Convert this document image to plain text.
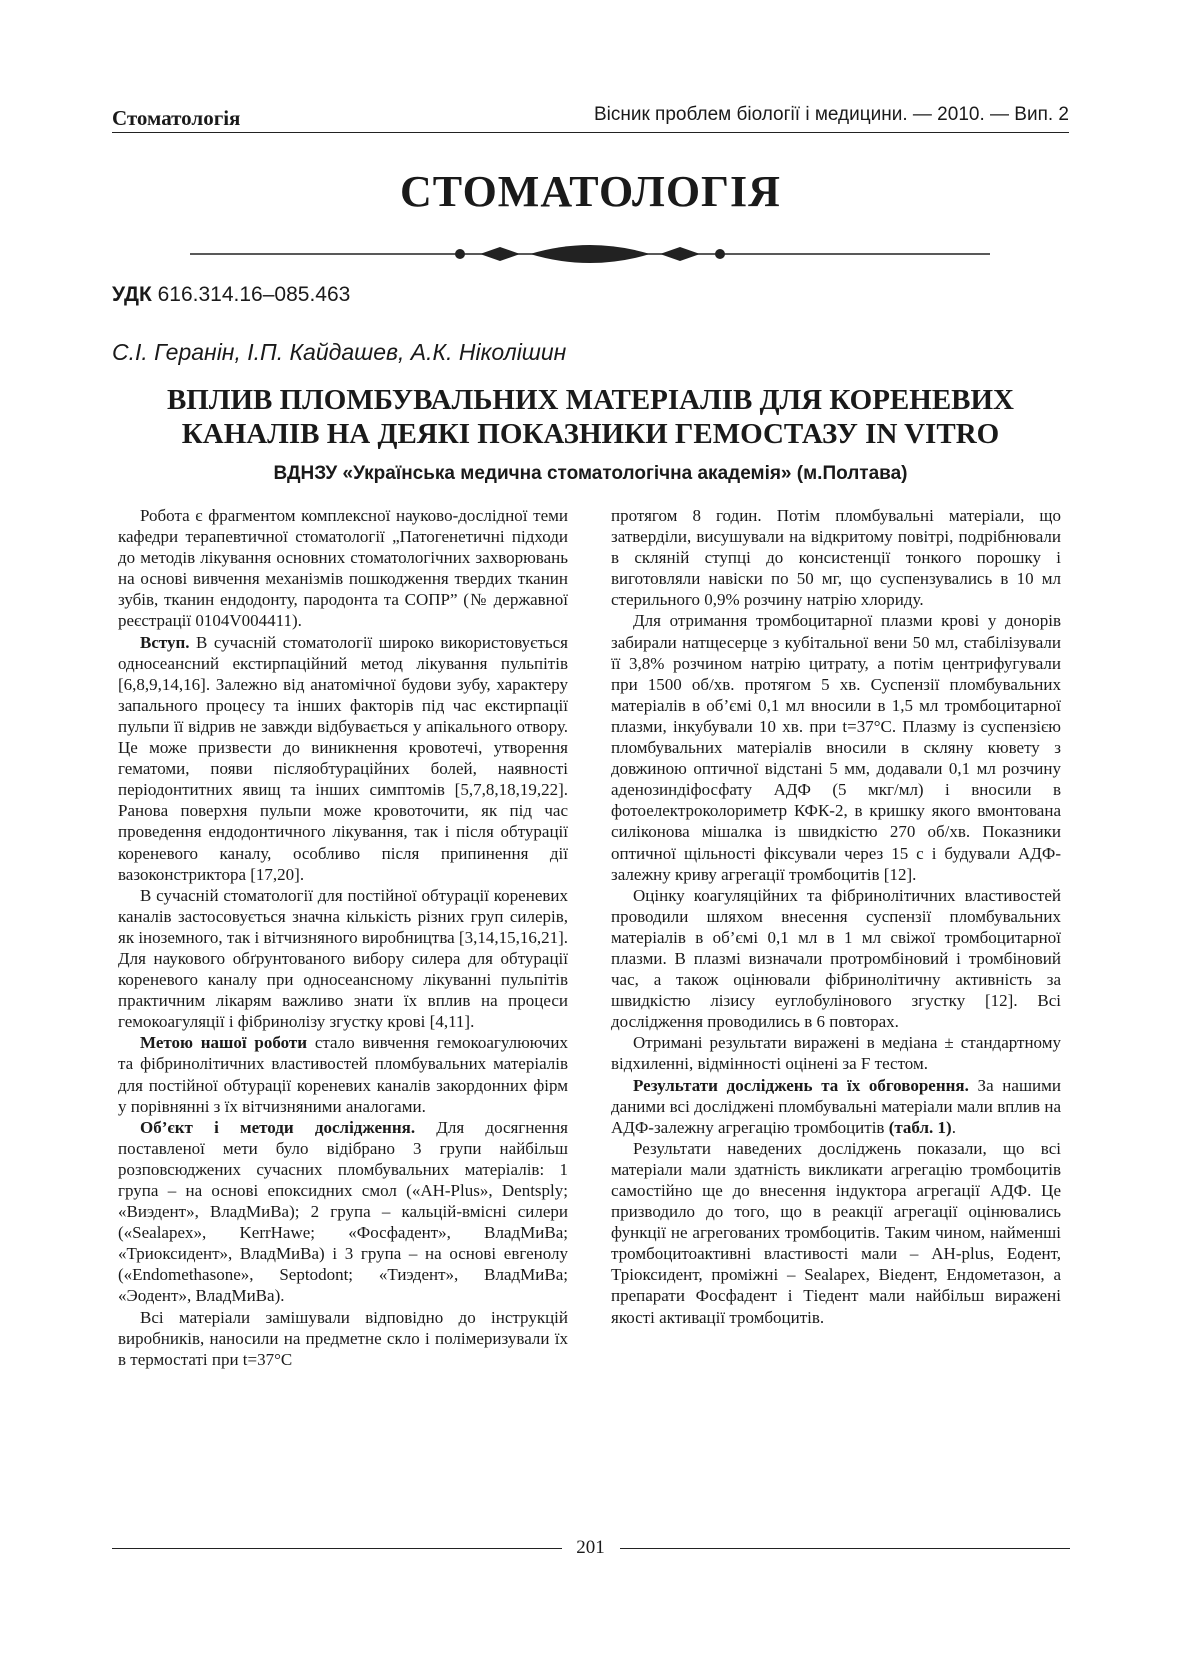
Стоматологія	Вісник проблем біології і медицини. — 2010. — Вип. 2
СТОМАТОЛОГІЯ
УДК 616.314.16–085.463
С.І. Геранін, І.П. Кайдашев, А.К. Ніколішин
ВПЛИВ ПЛОМБУВАЛЬНИХ МАТЕРІАЛІВ ДЛЯ КОРЕНЕВИХ
КАНАЛІВ НА ДЕЯКІ ПОКАЗНИКИ ГЕМОСТАЗУ IN VITRO
ВДНЗУ «Українська медична стоматологічна академія» (м.Полтава)

Робота є фрагментом комплексної науково-дослідної теми кафедри терапевтичної стоматології „Патогенетичні підходи до методів лікування основних стоматологічних захворювань на основі вивчення механізмів пошкодження твердих тканин зубів, тканин ендодонту, пародонта та СОПР” (№ державної реєстрації 0104V004411).

Вступ. В сучасній стоматології широко використовується одноcеансний екстирпаційний метод лікування пульпітів [6,8,9,14,16]. Залежно від анатомічної будови зубу, характеру запального процесу та інших факторів під час екстирпації пульпи її відрив не завжди відбувається у апікального отвору. Це може призвести до виникнення кровотечі, утворення гематоми, появи післяобтураційних болей, наявності періодонтитних явищ та інших симптомів [5,7,8,18,19,22]. Рановa поверхня пульпи може кровоточити, як під час проведення ендодонтичного лікування, так і після обтурації кореневого каналу, особливо після припинення дії вазоконстриктора [17,20].

В сучасній стоматології для постійної обтурації кореневих каналів застосовується значна кількість різних груп силерів, як іноземного, так і вітчизняного виробництва [3,14,15,16,21]. Для наукового обґрунтованого вибору силера для обтурації кореневого каналу при одноcеансному лікуванні пульпітів практичним лікарям важливо знати їх вплив на процеси гемокоагуляції і фібринолізу згустку крові [4,11].

Метою нашої роботи стало вивчення гемокоагулюючих та фібринолітичних властивостей пломбувальних матеріалів для постійної обтурації кореневих каналів закордонних фірм у порівнянні з їх вітчизняними аналогами.

Об’єкт і методи дослідження. Для досягнення поставленої мети було відібрано 3 групи найбільш розповсюджених сучасних пломбувальних матеріалів: 1 група – на основі епоксидних смол («AH-Plus», Dentsply; «Виэдент», ВладМиВа); 2 група – кальцій-вмісні силери («Sealapex», KerrHawe; «Фосфадент», ВладМиВа; «Триоксидент», ВладМиВа) і 3 група – на основі евгенолу («Endomethasone», Septodont; «Тиэдент», ВладМиВа; «Эодент», ВладМиВа).

Всі матеріали замішували відповідно до інструкцій виробників, наносили на предметне скло і полімеризували їх в термостаті при t=37°С

протягом 8 годин. Потім пломбувальні матеріали, що затверділи, висушували на відкритому повітрі, подрібнювали в скляній ступці до консистенції тонкого порошку і виготовляли навіски по 50 мг, що суспензувались в 10 мл стерильного 0,9% розчину натрію хлориду.

Для отримання тромбоцитарної плазми крові у донорів забирали натщесерце з кубітальної вени 50 мл, стабілізували її 3,8% розчином натрію цитрату, а потім центрифугували при 1500 об/хв. протягом 5 хв. Суспензії пломбувальних матеріалів в об’ємі 0,1 мл вносили в 1,5 мл тромбоцитарної плазми, інкубували 10 хв. при t=37°С. Плазму із суспензією пломбувальних матеріалів вносили в скляну кювету з довжиною оптичної відстані 5 мм, додавали 0,1 мл розчину аденозиндіфосфату АДФ (5 мкг/мл) і вносили в фотоелектроколориметр КФК-2, в кришку якого вмонтована силіконова мішалка із швидкістю 270 об/хв. Показники оптичної щільності фіксували через 15 с і будували АДФ-залежну криву агрегації тромбоцитів [12].

Оцінку коагуляційних та фібринолітичних властивостей проводили шляхом внесення суспензії пломбувальних матеріалів в об’ємі 0,1 мл в 1 мл свіжої тромбоцитарної плазми. В плазмі визначали протромбіновий і тромбіновий час, а також оцінювали фібринолітичну активність за швидкістю лізису еуглобулінового згустку [12]. Всі дослідження проводились в 6 повторах.

Отримані результати виражені в медіана ± стандартному відхиленні, відмінності оцінені за F тестом.

Результати досліджень та їх обговорення. За нашими даними всі досліджені пломбувальні матеріали мали вплив на АДФ-залежну агрегацію тромбоцитів (табл. 1).

Результати наведених досліджень показали, що всі матеріали мали здатність викликати агрегацію тромбоцитів самостійно ще до внесення індуктора агрегації АДФ. Це призводило до того, що в реакції агрегації оцінювались функції не агрегованих тромбоцитів. Таким чином, найменші тромбоцитоактивні властивості мали – AH-plus, Еодент, Тріоксидент, проміжні – Sealapex, Віедент, Ендометазон, а препарати Фосфадент і Тіедент мали найбільш виражені якості активації тромбоцитів.

201
